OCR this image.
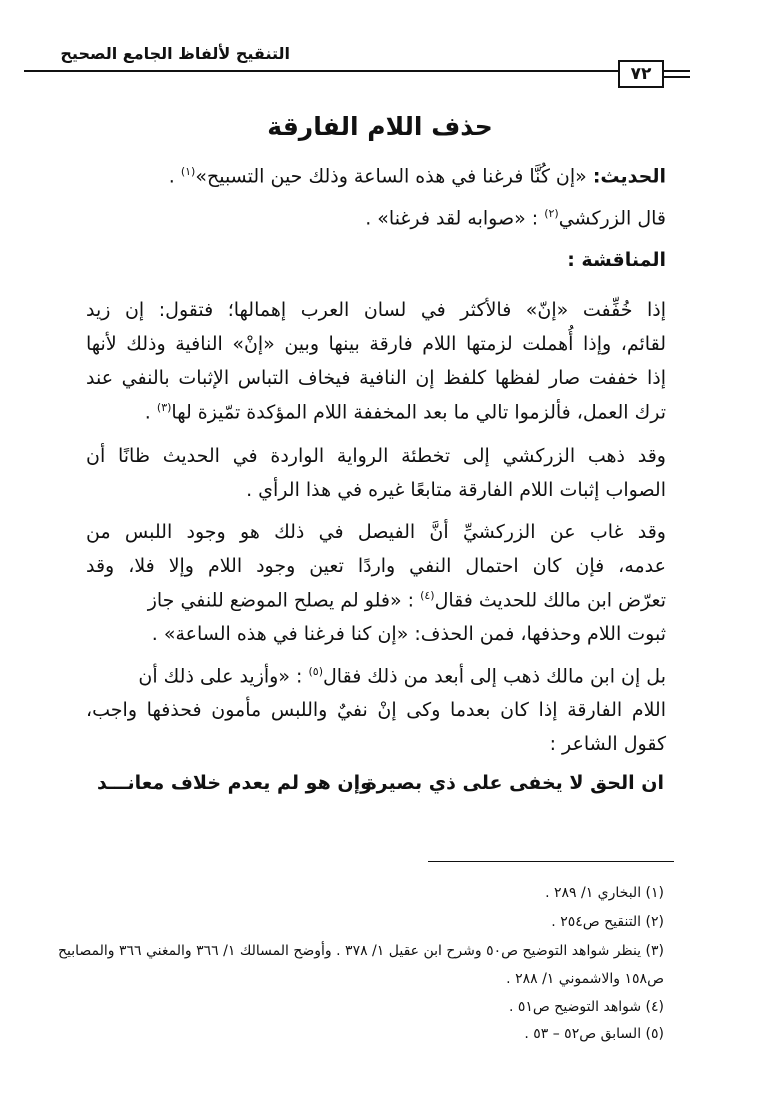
التنقيح لألفاظ الجامع الصحيح
٧٢
حذف اللام الفارقة
الحديث: «إن كُنَّا فرغنا في هذه الساعة وذلك حين التسبيح»$^{(١)}$ .
قال الزركشي$^{(٢)}$ : «صوابه لقد فرغنا» .
المناقشة :
إذا خُفِّفت «إنّ» فالأكثر في لسان العرب إهمالها؛ فتقول: إن زيد
لقائم، وإذا أُهملت لزمتها اللام فارقة بينها وبين «إنْ» النافية وذلك لأنها
إذا خففت صار لفظها كلفظ إن النافية فيخاف التباس الإثبات بالنفي عند
ترك العمل، فألزموا تالي ما بعد المخففة اللام المؤكدة تمّيزة لها$^{(٣)}$ .
وقد ذهب الزركشي إلى تخطئة الرواية الواردة في الحديث ظانًا أن
الصواب إثبات اللام الفارقة متابعًا غيره في هذا الرأي .
وقد غاب عن الزركشيِّ أنَّ الفيصل في ذلك هو وجود اللبس من
عدمه، فإن كان احتمال النفي واردًا تعين وجود اللام وإلا فلا، وقد
تعرّض ابن مالك للحديث فقال$^{(٤)}$ : «فلو لم يصلح الموضع للنفي جاز
ثبوت اللام وحذفها، فمن الحذف: «إن كنا فرغنا في هذه الساعة» .
بل إن ابن مالك ذهب إلى أبعد من ذلك فقال$^{(٥)}$ : «وأزيد على ذلك أن
اللام الفارقة إذا كان بعدما وكى إنْ نفيٌ واللبس مأمون فحذفها واجب،
كقول الشاعر :
ان الحق لا يخفى على ذي بصيرة
وإن هو لم يعدم خلاف معانـــد
(١) البخاري ١/ ٢٨٩ .
(٢) التنقيح ص٢٥٤ .
(٣) ينظر شواهد التوضيح ص٥٠ وشرح ابن عقيل ١/ ٣٧٨ . وأوضح المسالك ١/ ٣٦٦ والمغني ٣٦٦ والمصابيح
ص١٥٨ والاشموني ١/ ٢٨٨ .
(٤) شواهد التوضيح ص٥١ .
(٥) السابق ص٥٢ – ٥٣ .
